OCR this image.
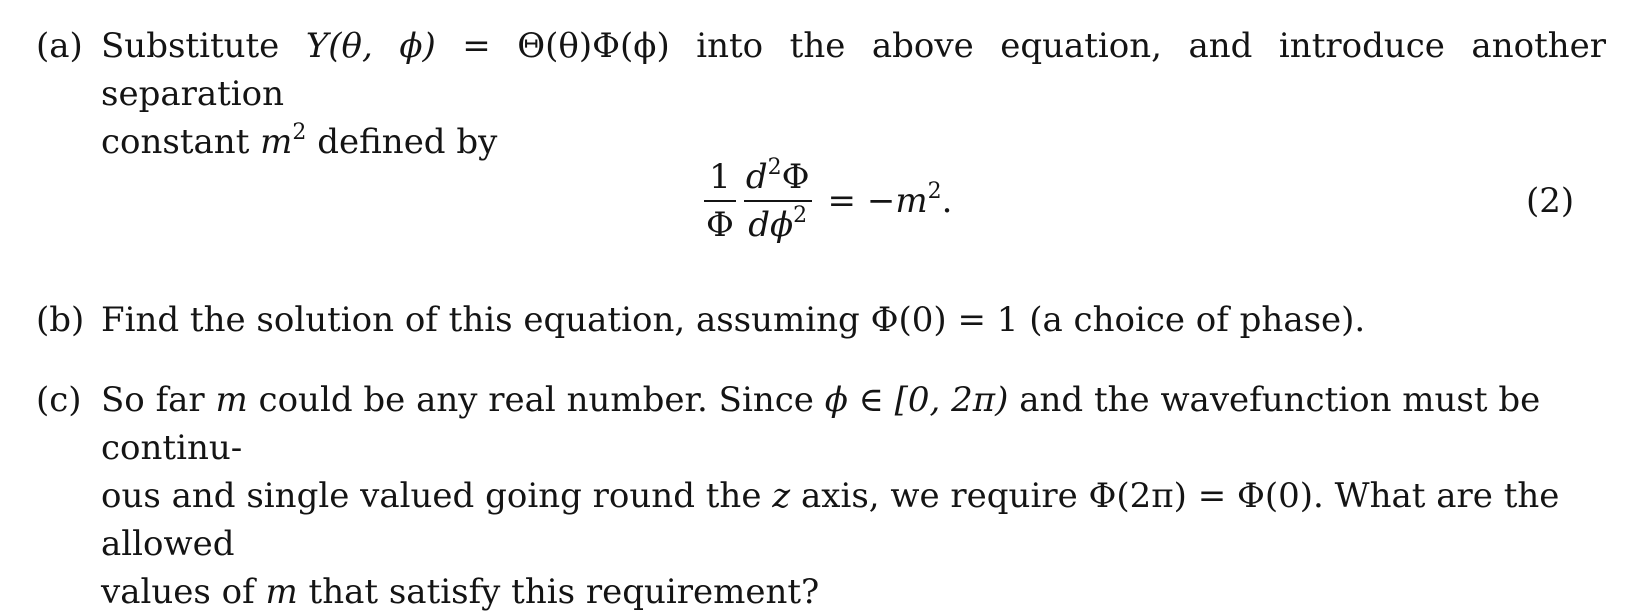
(a) Substitute Y(θ, ϕ) = Θ(θ)Φ(ϕ) into the above equation, and introduce another separation
constant $m^2$ defined by
$\frac{1}{\Phi} \frac{d^2\Phi}{d\phi^2} = -m^2$.	(2)
(b) Find the solution of this equation, assuming Φ(0) = 1 (a choice of phase).
(c) So far m could be any real number. Since ϕ ∈ [0, 2π) and the wavefunction must be continu-
ous and single valued going round the z axis, we require Φ(2π) = Φ(0). What are the allowed
values of m that satisfy this requirement?
